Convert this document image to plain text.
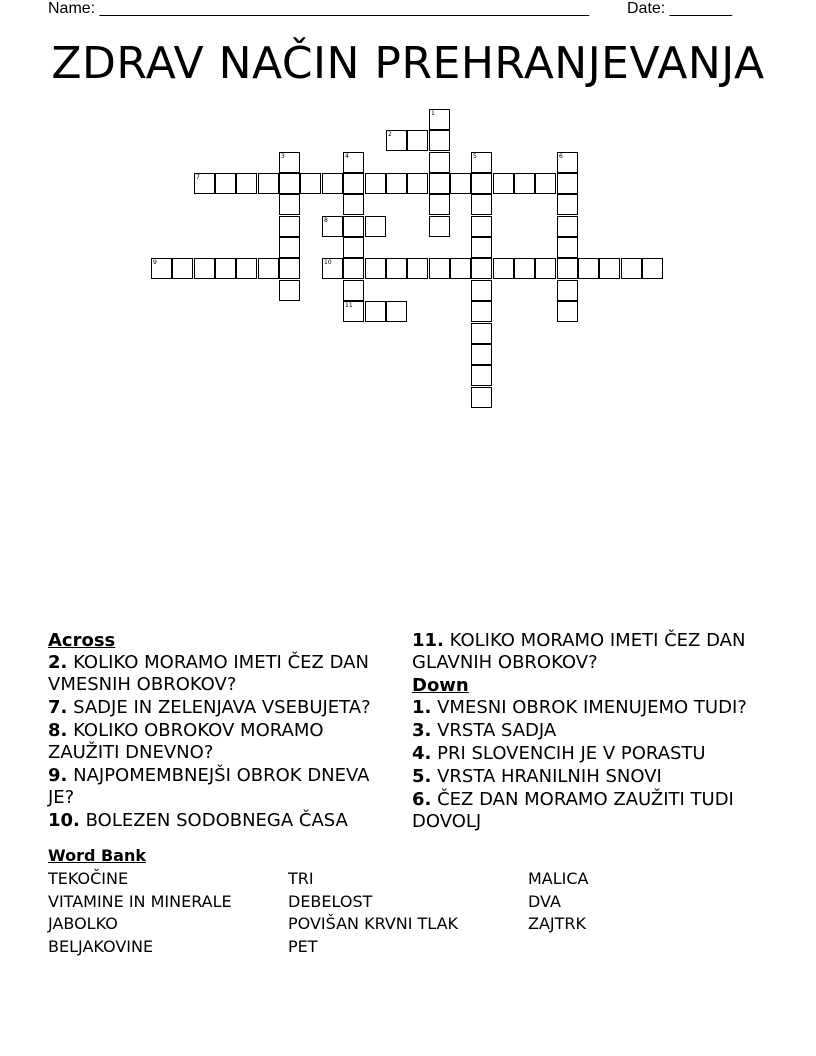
Name: _______________________________________________________ Date: _______
ZDRAV NAČIN PREHRANJEVANJA
1
2
3	4
11
5	6
7
8
9	10
Across
2. KOLIKO MORAMO IMETI ČEZ DAN VMESNIH OBROKOV?
7. SADJE IN ZELENJAVA VSEBUJETA?
8. KOLIKO OBROKOV MORAMO ZAUŽITI DNEVNO?
9. NAJPOMEMBNEJŠI OBROK DNEVA JE?
10. BOLEZEN SODOBNEGA ČASA
11. KOLIKO MORAMO IMETI ČEZ DAN GLAVNIH OBROKOV?
Down
1. VMESNI OBROK IMENUJEMO TUDI?
3. VRSTA SADJA
4. PRI SLOVENCIH JE V PORASTU
5. VRSTA HRANILNIH SNOVI
6. ČEZ DAN MORAMO ZAUŽITI TUDI DOVOLJ
Word Bank
TEKOČINE	TRI	MALICA
VITAMINE IN MINERALE	DEBELOST	DVA
JABOLKO	POVIŠAN KRVNI TLAK	ZAJTRK
BELJAKOVINE	PET
